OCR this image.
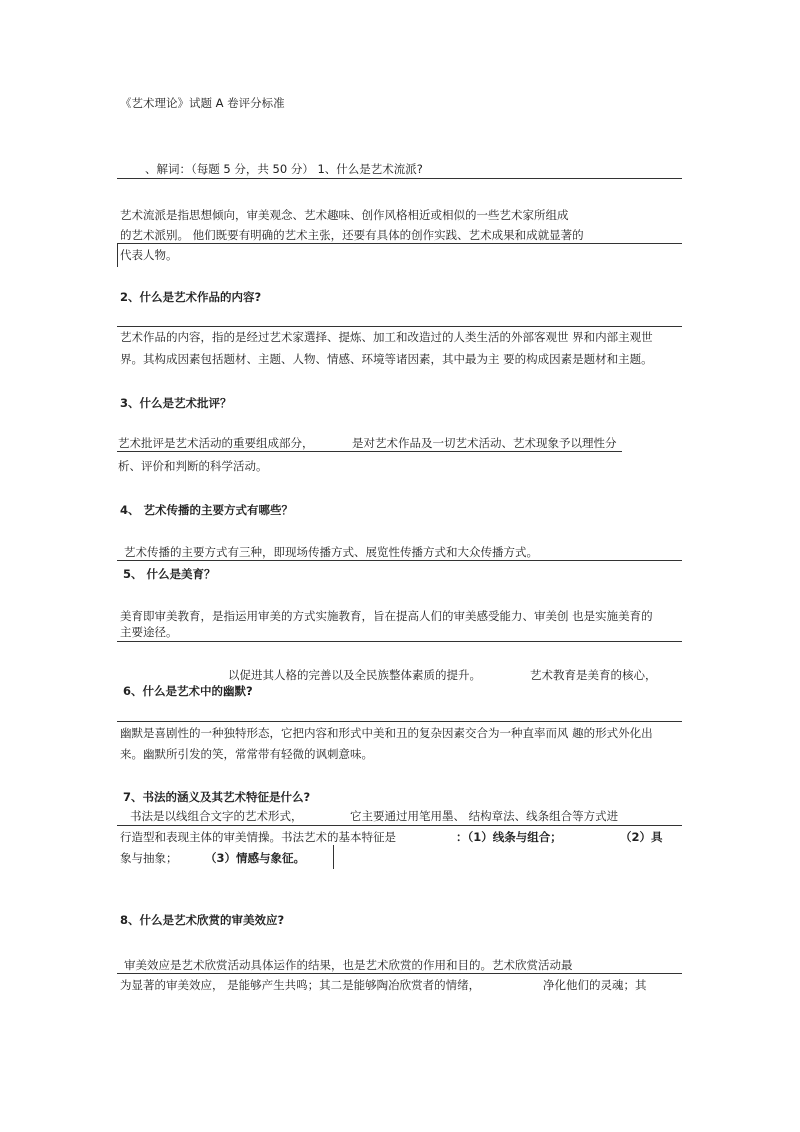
《艺术理论》试题 A 卷评分标准
、解词：（每题 5 分，共 50 分） 1、什么是艺术流派?
艺术流派是指思想倾向，审美观念、艺术趣味、创作风格相近或相似的一些艺术家所组成
的艺术派别。 他们既要有明确的艺术主张，还要有具体的创作实践、艺术成果和成就显著的
代表人物。
2、什么是艺术作品的内容?
艺术作品的内容，指的是经过艺术家選择、提炼、加工和改造过的人类生活的外部客观世 界和内部主观世
界。其构成因素包括题材、主题、人物、情感、环境等诸因素，其中最为主 要的构成因素是题材和主题。
3、什么是艺术批评？
艺术批评是艺术活动的重要组成部分，	是对艺术作品及一切艺术活动、艺术现象予以理性分
析、评价和判断的科学活动。
4、 艺术传播的主要方式有哪些？
艺术传播的主要方式有三种，即现场传播方式、展览性传播方式和大众传播方式。
5、 什么是美育？
美育即审美教育，是指运用审美的方式实施教育，旨在提高人们的审美感受能力、审美创 也是实施美育的
主要途径。
以促进其人格的完善以及全民族整体素质的提升。	艺术教育是美育的核心，
6、什么是艺术中的幽默?
幽默是喜剧性的一种独特形态，它把内容和形式中美和丑的复杂因素交合为一种直率而风 趣的形式外化出
来。幽默所引发的笑，常常带有轻微的讽刺意味。
7、书法的涵义及其艺术特征是什么?
书法是以线组合文字的艺术形式，	它主要通过用笔用墨、 结构章法、线条组合等方式进
行造型和表现主体的审美情操。书法艺术的基本特征是	：（1）线条与组合；	（2）具
象与抽象； （3）情感与象征。
8、什么是艺术欣赏的审美效应?
审美效应是艺术欣赏活动具体运作的结果，也是艺术欣赏的作用和目的。艺术欣赏活动最
为显著的审美效应， 是能够产生共鸣；其二是能够陶冶欣赏者的情绪，	净化他们的灵魂；其
